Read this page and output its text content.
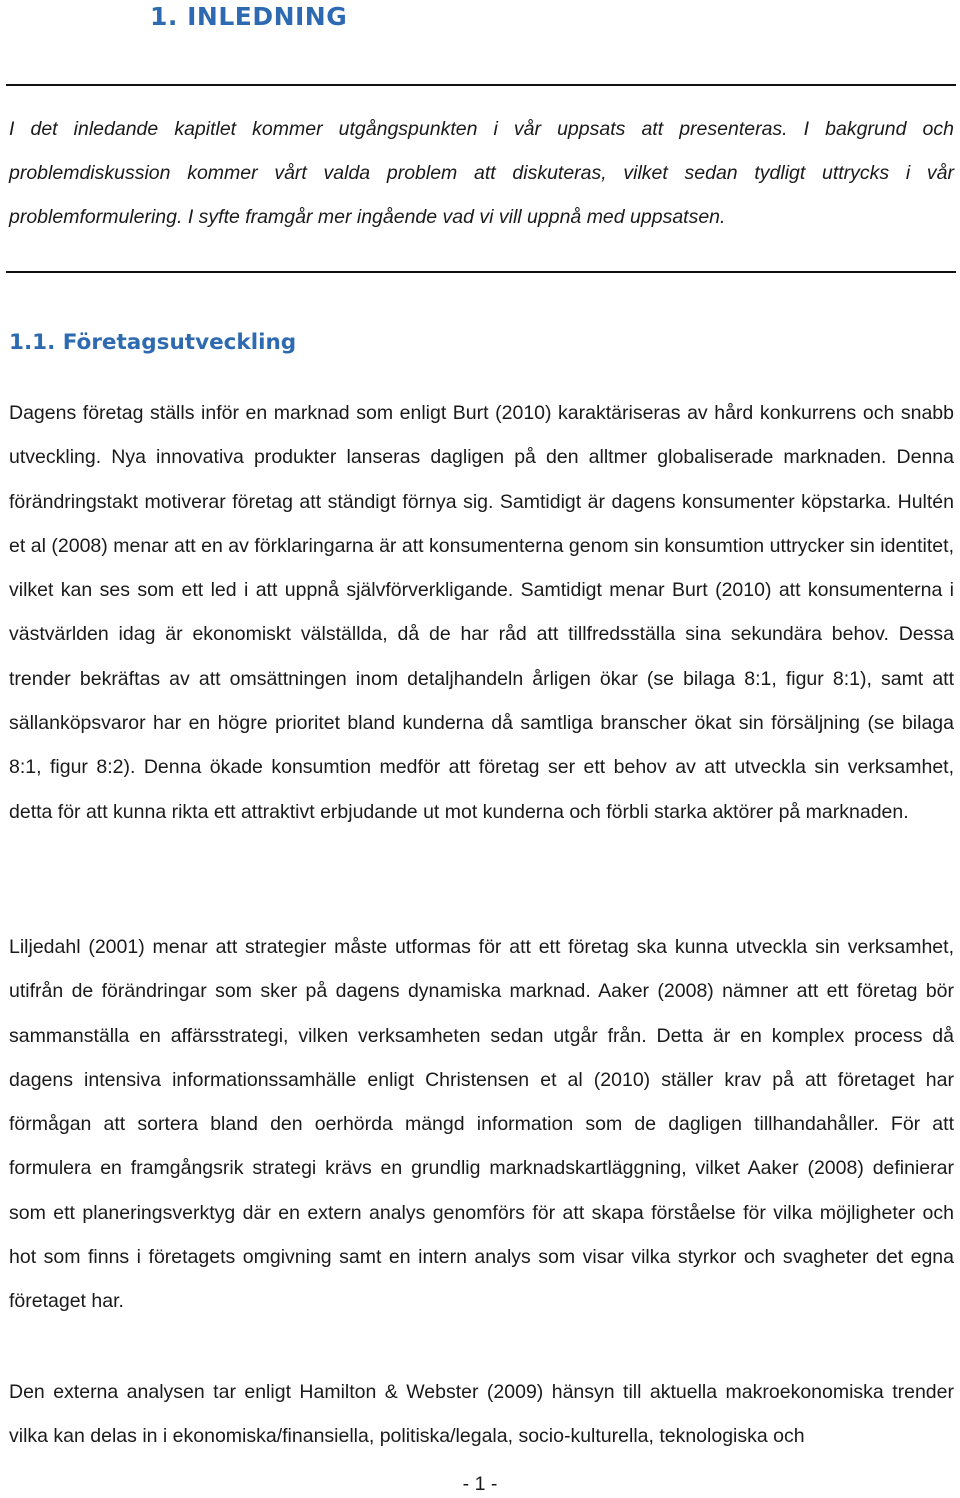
1. INLEDNING

I det inledande kapitlet kommer utgångspunkten i vår uppsats att presenteras. I bakgrund och problemdiskussion kommer vårt valda problem att diskuteras, vilket sedan tydligt uttrycks i vår problemformulering. I syfte framgår mer ingående vad vi vill uppnå med uppsatsen.

1.1. Företagsutveckling

Dagens företag ställs inför en marknad som enligt Burt (2010) karaktäriseras av hård konkurrens och snabb utveckling. Nya innovativa produkter lanseras dagligen på den alltmer globaliserade marknaden. Denna förändringstakt motiverar företag att ständigt förnya sig. Samtidigt är dagens konsumenter köpstarka. Hultén et al (2008) menar att en av förklaringarna är att konsumenterna genom sin konsumtion uttrycker sin identitet, vilket kan ses som ett led i att uppnå självförverkligande. Samtidigt menar Burt (2010) att konsumenterna i västvärlden idag är ekonomiskt välställda, då de har råd att tillfredsställa sina sekundära behov. Dessa trender bekräftas av att omsättningen inom detaljhandeln årligen ökar (se bilaga 8:1, figur 8:1), samt att sällanköpsvaror har en högre prioritet bland kunderna då samtliga branscher ökat sin försäljning (se bilaga 8:1, figur 8:2). Denna ökade konsumtion medför att företag ser ett behov av att utveckla sin verksamhet, detta för att kunna rikta ett attraktivt erbjudande ut mot kunderna och förbli starka aktörer på marknaden.

Liljedahl (2001) menar att strategier måste utformas för att ett företag ska kunna utveckla sin verksamhet, utifrån de förändringar som sker på dagens dynamiska marknad. Aaker (2008) nämner att ett företag bör sammanställa en affärsstrategi, vilken verksamheten sedan utgår från. Detta är en komplex process då dagens intensiva informationssamhälle enligt Christensen et al (2010) ställer krav på att företaget har förmågan att sortera bland den oerhörda mängd information som de dagligen tillhandahåller. För att formulera en framgångsrik strategi krävs en grundlig marknadskartläggning, vilket Aaker (2008) definierar som ett planeringsverktyg där en extern analys genomförs för att skapa förståelse för vilka möjligheter och hot som finns i företagets omgivning samt en intern analys som visar vilka styrkor och svagheter det egna företaget har.

Den externa analysen tar enligt Hamilton & Webster (2009) hänsyn till aktuella makroekonomiska trender vilka kan delas in i ekonomiska/finansiella, politiska/legala, socio-kulturella, teknologiska och

- 1 -
